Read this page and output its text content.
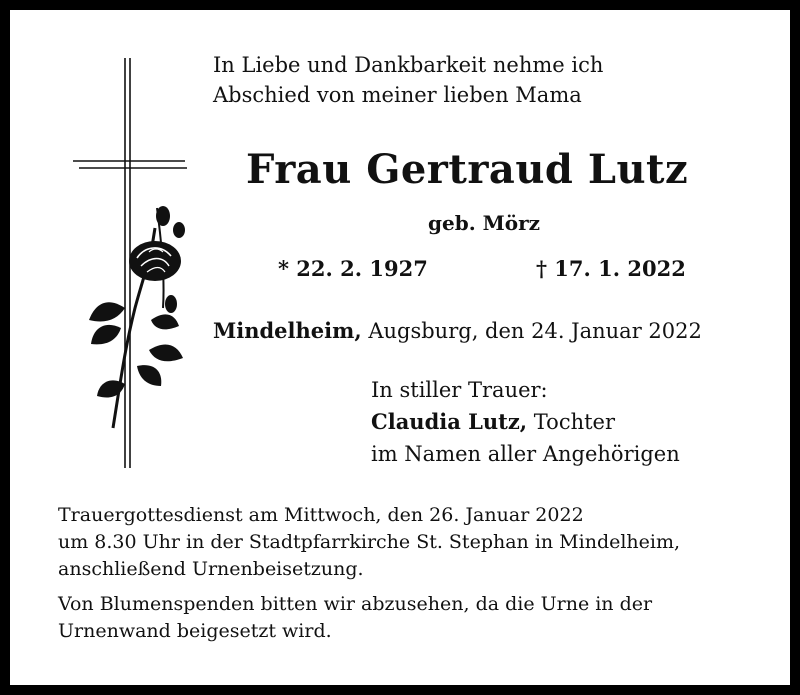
In Liebe und Dankbarkeit nehme ich
Abschied von meiner lieben Mama
Frau Gertraud Lutz
geb. Mörz
* 22. 2. 1927	† 17. 1. 2022
Mindelheim, Augsburg, den 24. Januar 2022
In stiller Trauer:
Claudia Lutz, Tochter
im Namen aller Angehörigen
Trauergottesdienst am Mittwoch, den 26. Januar 2022
um 8.30 Uhr in der Stadtpfarrkirche St. Stephan in Mindelheim,
anschließend Urnenbeisetzung.
Von Blumenspenden bitten wir abzusehen, da die Urne in der
Urnenwand beigesetzt wird.
